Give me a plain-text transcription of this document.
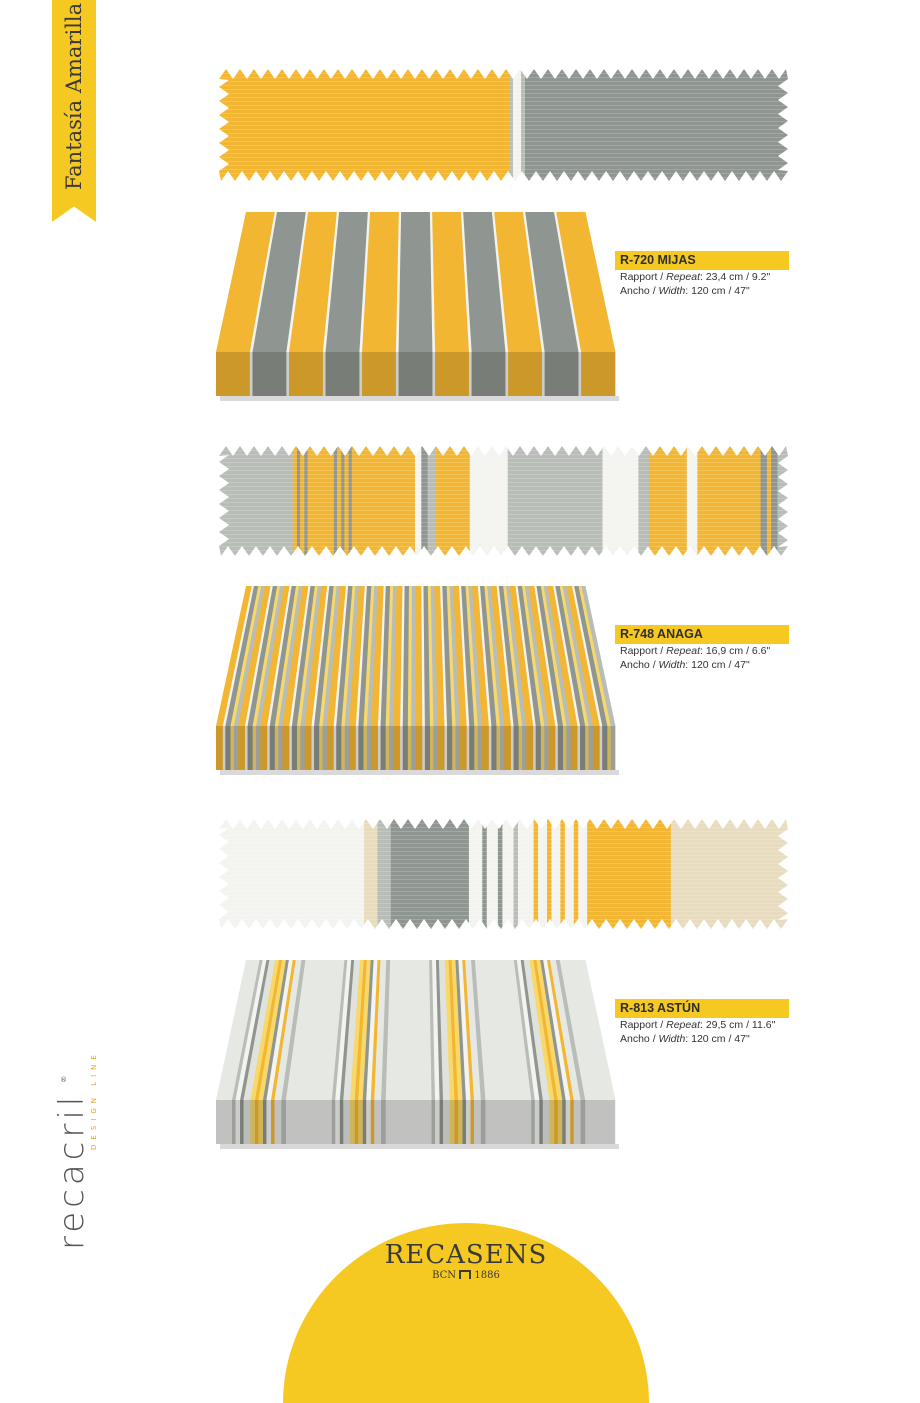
Fantasía Amarilla
R-720 MIJAS
Rapport / Repeat: 23,4 cm / 9.2"
Ancho / Width: 120 cm / 47"
R-748 ANAGA
Rapport / Repeat: 16,9 cm / 6.6"
Ancho / Width: 120 cm / 47"
R-813 ASTÚN
Rapport / Repeat: 29,5 cm / 11.6"
Ancho / Width: 120 cm / 47"
®
recacril
DESIGN LINE
RECASENS
BCN 1886
